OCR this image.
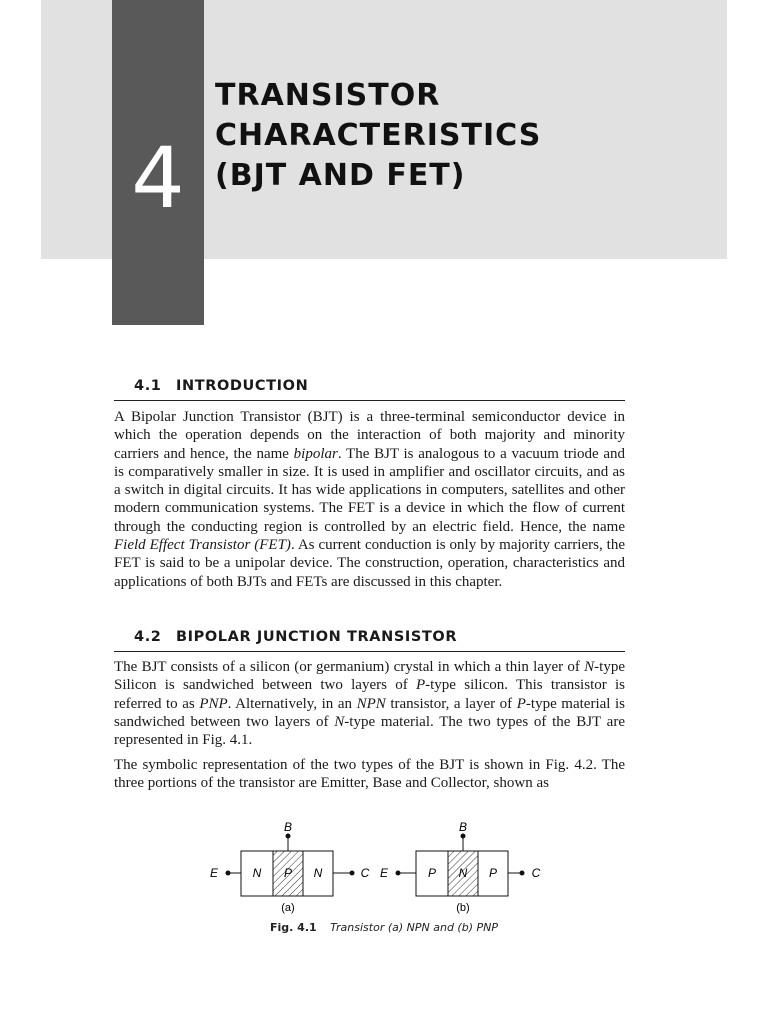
4
TRANSISTOR
CHARACTERISTICS
(BJT AND FET)
4.1 INTRODUCTION

A Bipolar Junction Transistor (BJT) is a three-terminal semiconductor device in which the operation depends on the interaction of both majority and minority carriers and hence, the name bipolar. The BJT is analogous to a vacuum triode and is comparatively smaller in size. It is used in amplifier and oscillator circuits, and as a switch in digital circuits. It has wide applications in computers, satellites and other modern communication systems. The FET is a device in which the flow of current through the conducting region is controlled by an electric field. Hence, the name Field Effect Transistor (FET). As current conduction is only by majority carriers, the FET is said to be a unipolar device. The construction, operation, characteristics and applications of both BJTs and FETs are discussed in this chapter.

4.2 BIPOLAR JUNCTION TRANSISTOR

The BJT consists of a silicon (or germanium) crystal in which a thin layer of N-type Silicon is sandwiched between two layers of P-type silicon. This transistor is referred to as PNP. Alternatively, in an NPN transistor, a layer of P-type material is sandwiched between two layers of N-type material. The two types of the BJT are represented in Fig. 4.1.

The symbolic representation of the two types of the BJT is shown in Fig. 4.2. The three portions of the transistor are Emitter, Base and Collector, shown as

B
N P N
E	C
(a)
B
P N P
E	C
(b)
Fig. 4.1 Transistor (a) NPN and (b) PNP
